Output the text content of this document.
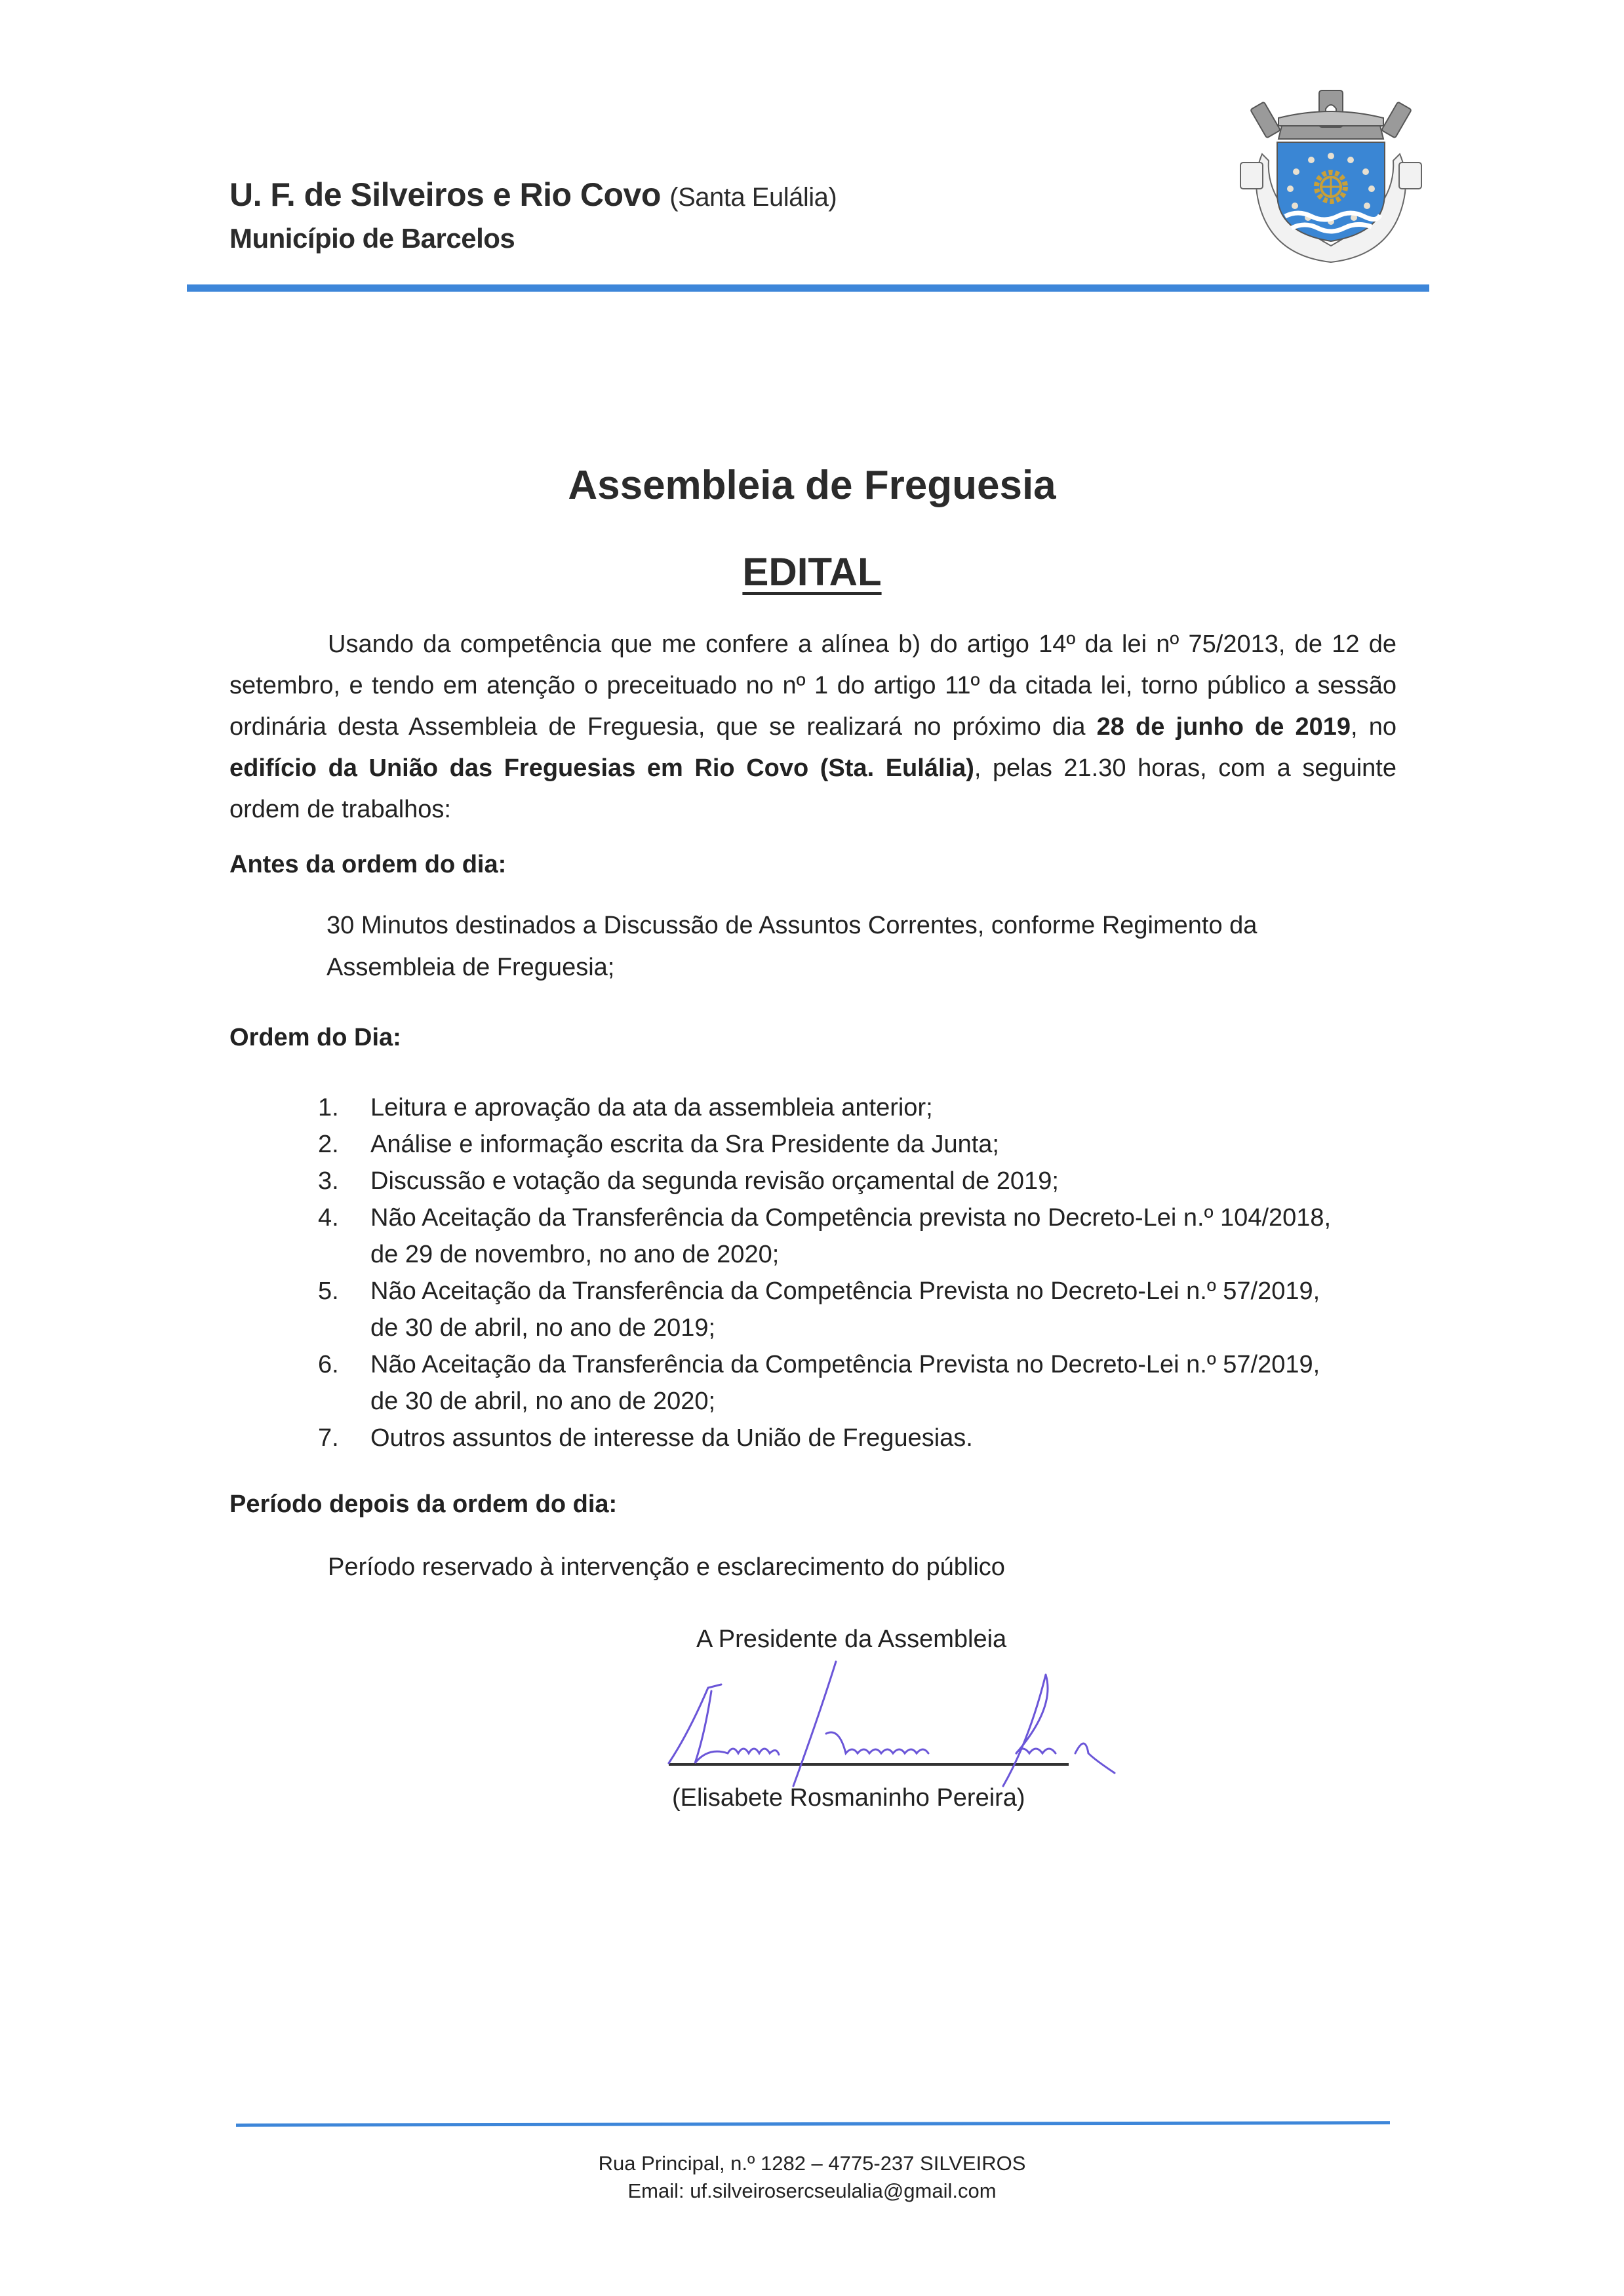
U. F. de Silveiros e Rio Covo (Santa Eulália)
Município de Barcelos
Assembleia de Freguesia
EDITAL
Usando da competência que me confere a alínea b) do artigo 14º da lei nº 75/2013, de 12 de setembro, e tendo em atenção o preceituado no nº 1 do artigo 11º da citada lei, torno público a sessão ordinária desta Assembleia de Freguesia, que se realizará no próximo dia 28 de junho de 2019, no edifício da União das Freguesias em Rio Covo (Sta. Eulália), pelas 21.30 horas, com a seguinte ordem de trabalhos:
Antes da ordem do dia:
30 Minutos destinados a Discussão de Assuntos Correntes, conforme Regimento da Assembleia de Freguesia;
Ordem do Dia:
1.	Leitura e aprovação da ata da assembleia anterior;
2.	Análise e informação escrita da Sra Presidente da Junta;
3.	Discussão e votação da segunda revisão orçamental de 2019;
4.	Não Aceitação da Transferência da Competência prevista no Decreto-Lei n.º 104/2018, de 29 de novembro, no ano de 2020;
5.	Não Aceitação da Transferência da Competência Prevista no Decreto-Lei n.º 57/2019, de 30 de abril, no ano de 2019;
6.	Não Aceitação da Transferência da Competência Prevista no Decreto-Lei n.º 57/2019, de 30 de abril, no ano de 2020;
7.	Outros assuntos de interesse da União de Freguesias.
Período depois da ordem do dia:
Período reservado à intervenção e esclarecimento do público
A Presidente da Assembleia
(Elisabete Rosmaninho Pereira)
Rua Principal, n.º 1282 – 4775-237 SILVEIROS
Email: uf.silveirosercseulalia@gmail.com
